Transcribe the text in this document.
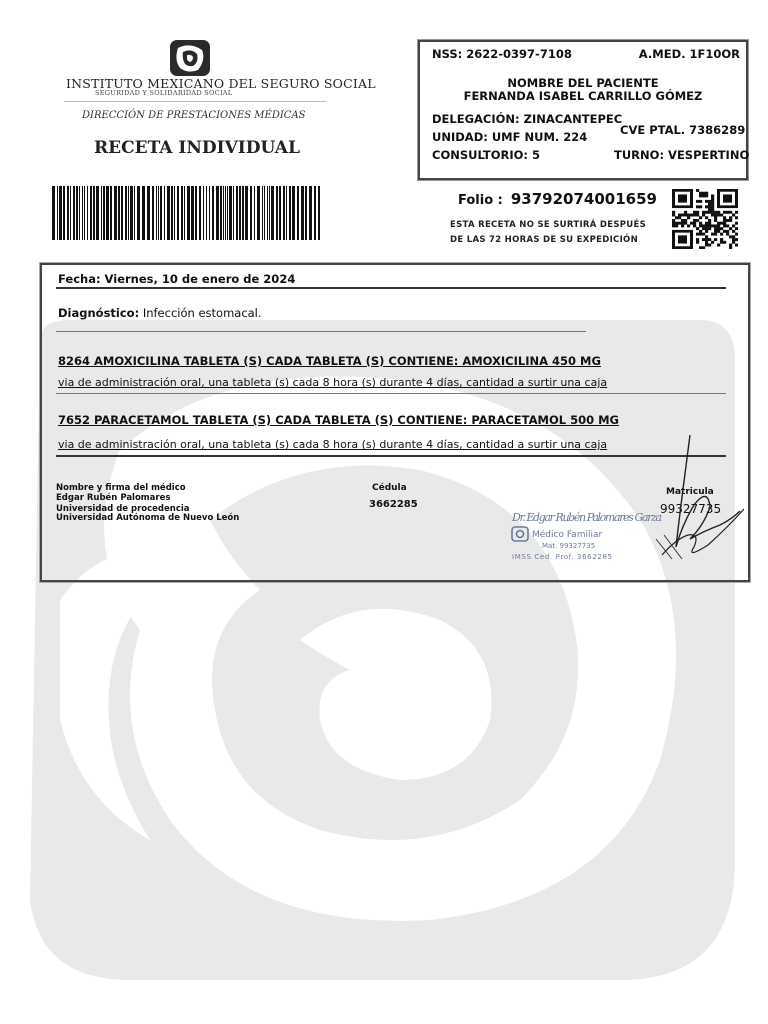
INSTITUTO MEXICANO DEL SEGURO SOCIAL
SEGURIDAD Y SOLIDARIDAD SOCIAL
DIRECCIÓN DE PRESTACIONES MÉDICAS
RECETA INDIVIDUAL
NSS: 2622-0397-7108	A.MED. 1F10OR
NOMBRE DEL PACIENTE
FERNANDA ISABEL CARRILLO GÓMEZ
DELEGACIÓN: ZINACANTEPEC
UNIDAD: UMF NUM. 224	CVE PTAL. 7386289
CONSULTORIO: 5	TURNO: VESPERTINO
Folio : 93792074001659
ESTA RECETA NO SE SURTIRÁ DESPUÉS
DE LAS 72 HORAS DE SU EXPEDICIÓN
Fecha: Viernes, 10 de enero de 2024
Diagnóstico: Infección estomacal.
8264 AMOXICILINA TABLETA (S) CADA TABLETA (S) CONTIENE: AMOXICILINA 450 MG
via de administración oral, una tableta (s) cada 8 hora (s) durante 4 días, cantidad a surtir una caja
7652 PARACETAMOL TABLETA (S) CADA TABLETA (S) CONTIENE: PARACETAMOL 500 MG
via de administración oral, una tableta (s) cada 8 hora (s) durante 4 días, cantidad a surtir una caja
Nombre y firma del médico
Edgar Rubén Palomares
Universidad de procedencia
Universidad Autónoma de Nuevo León
Cédula
3662285
Matricula
99327735
Dr. Edgar Rubén Palomares Garza
Médico Familiar
Mat. 99327735
IMSS Ced. Prof. 3662285
